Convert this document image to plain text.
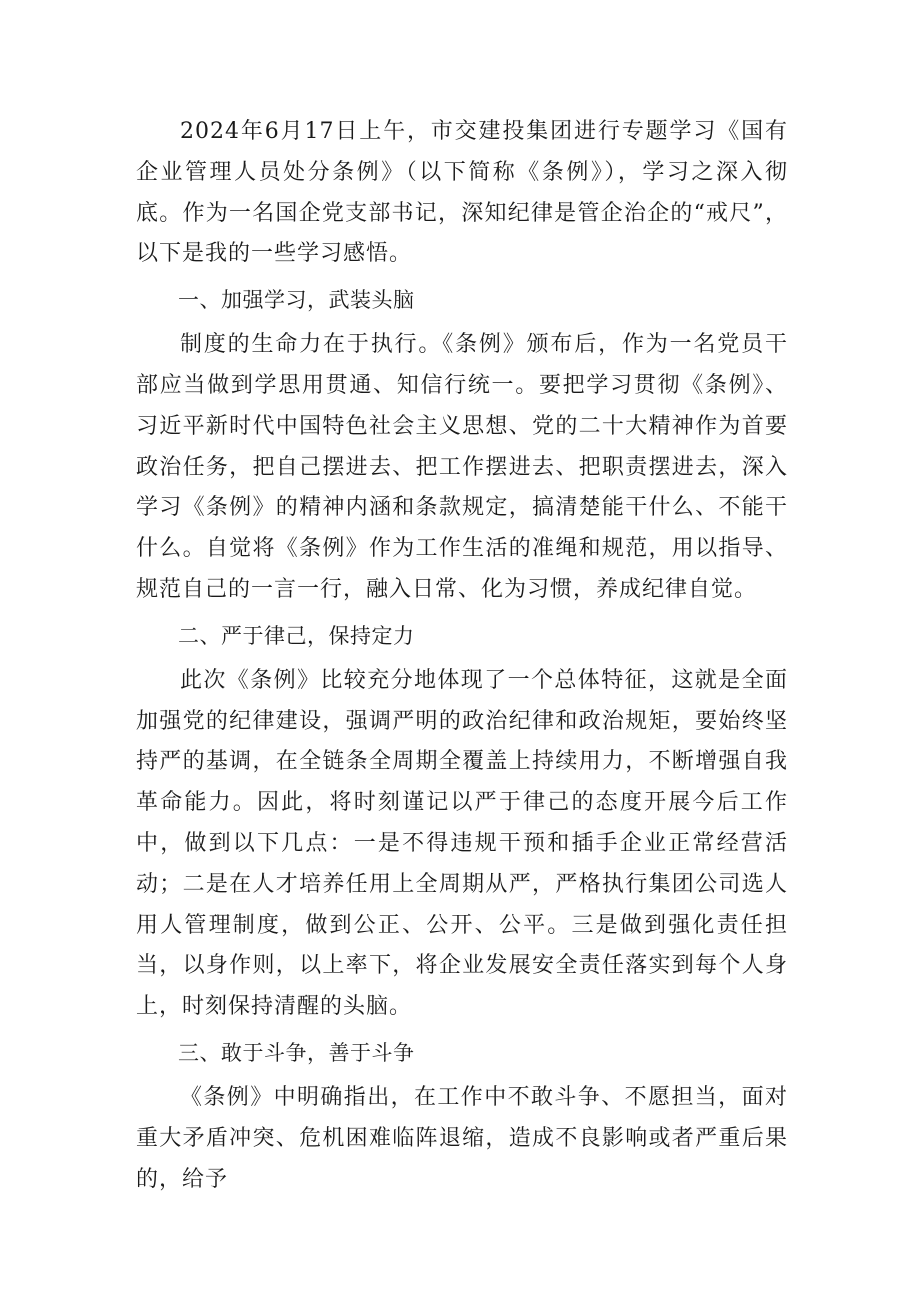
2024年6月17日上午，市交建投集团进行专题学习《国有企业管理人员处分条例》（以下简称《条例》），学习之深入彻底。作为一名国企党支部书记，深知纪律是管企治企的“戒尺”，以下是我的一些学习感悟。

一、加强学习，武装头脑

制度的生命力在于执行。《条例》颁布后，作为一名党员干部应当做到学思用贯通、知信行统一。要把学习贯彻《条例》、习近平新时代中国特色社会主义思想、党的二十大精神作为首要政治任务，把自己摆进去、把工作摆进去、把职责摆进去，深入学习《条例》的精神内涵和条款规定，搞清楚能干什么、不能干什么。自觉将《条例》作为工作生活的准绳和规范，用以指导、规范自己的一言一行，融入日常、化为习惯，养成纪律自觉。

二、严于律己，保持定力

此次《条例》比较充分地体现了一个总体特征，这就是全面加强党的纪律建设，强调严明的政治纪律和政治规矩，要始终坚持严的基调，在全链条全周期全覆盖上持续用力，不断增强自我革命能力。因此，将时刻谨记以严于律己的态度开展今后工作中，做到以下几点：一是不得违规干预和插手企业正常经营活动；二是在人才培养任用上全周期从严，严格执行集团公司选人用人管理制度，做到公正、公开、公平。三是做到强化责任担当，以身作则，以上率下，将企业发展安全责任落实到每个人身上，时刻保持清醒的头脑。

三、敢于斗争，善于斗争

《条例》中明确指出，在工作中不敢斗争、不愿担当，面对重大矛盾冲突、危机困难临阵退缩，造成不良影响或者严重后果的，给予
